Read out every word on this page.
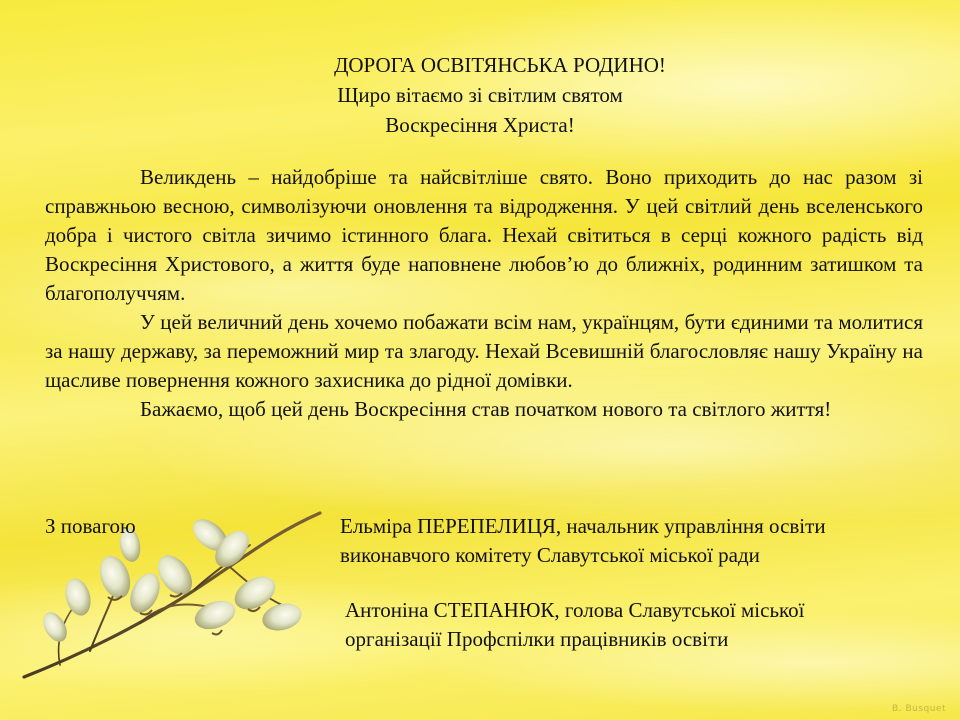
ДОРОГА ОСВІТЯНСЬКА РОДИНО!
Щиро вітаємо зі світлим святом
Воскресіння Христа!

Великдень – найдобріше та найсвітліше свято. Воно приходить до нас разом зі справжньою весною, символізуючи оновлення та відродження. У цей світлий день вселенського добра і чистого світла зичимо істинного блага. Нехай світиться в серці кожного радість від Воскресіння Христового, а життя буде наповнене любов’ю до ближніх, родинним затишком та благополуччям.

У цей величний день хочемо побажати всім нам, українцям, бути єдиними та молитися за нашу державу, за переможний мир та злагоду. Нехай Всевишній благословляє нашу Україну на щасливе повернення кожного захисника до рідної домівки.

Бажаємо, щоб цей день Воскресіння став початком нового та світлого життя!

З повагою	Ельміра ПЕРЕПЕЛИЦЯ, начальник управління освіти
виконавчого комітету Славутської міської ради
Антоніна СТЕПАНЮК, голова Славутської міської
організації Профспілки працівників освіти
B. Busquet
